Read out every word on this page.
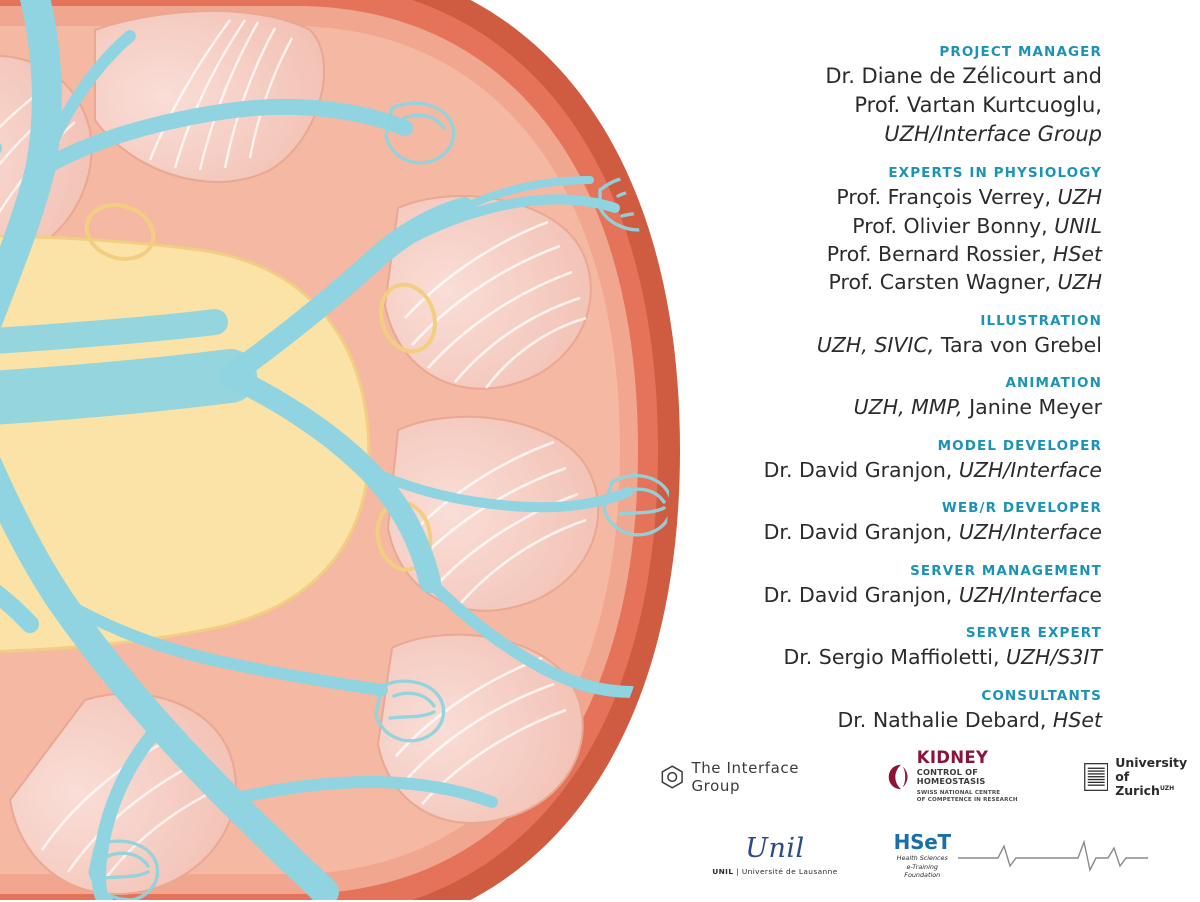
PROJECT MANAGER
Dr. Diane de Zélicourt and
Prof. Vartan Kurtcuoglu,
UZH/Interface Group
EXPERTS IN PHYSIOLOGY
Prof. François Verrey, UZH
Prof. Olivier Bonny, UNIL
Prof. Bernard Rossier, HSet
Prof. Carsten Wagner, UZH
ILLUSTRATION
UZH, SIVIC, Tara von Grebel
ANIMATION
UZH, MMP, Janine Meyer
MODEL DEVELOPER
Dr. David Granjon, UZH/Interface
WEB/R DEVELOPER
Dr. David Granjon, UZH/Interface
SERVER MANAGEMENT
Dr. David Granjon, UZH/Interface
SERVER EXPERT
Dr. Sergio Maffioletti, UZH/S3IT
CONSULTANTS
Dr. Nathalie Debard, HSet
The Interface Group
KIDNEY
CONTROL OF HOMEOSTASIS
SWISS NATIONAL CENTRE
OF COMPETENCE IN RESEARCH
University of
Zurich$^{UZH}$
Unil
UNIL | Université de Lausanne
HSeT
Health Sciences
e-Training
Foundation
